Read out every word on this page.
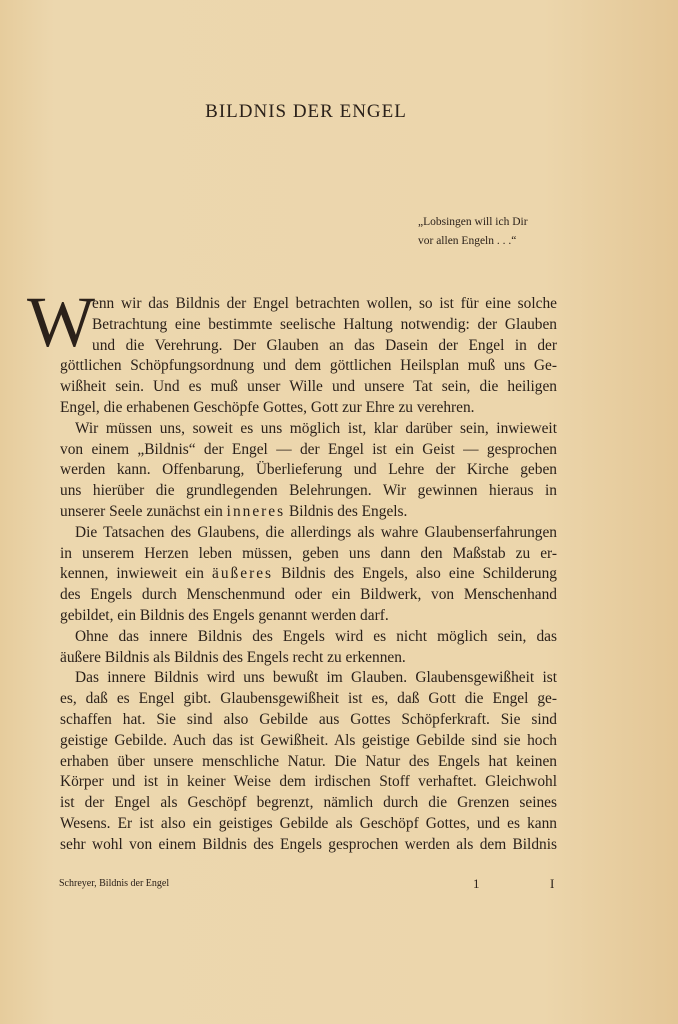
BILDNIS DER ENGEL
„Lobsingen will ich Dir
vor allen Engeln . . .“
W
enn wir das Bildnis der Engel betrachten wollen, so ist für eine solche
Betrachtung eine bestimmte seelische Haltung notwendig: der Glauben
und die Verehrung. Der Glauben an das Dasein der Engel in der
göttlichen Schöpfungsordnung und dem göttlichen Heilsplan muß uns Ge-
wißheit sein. Und es muß unser Wille und unsere Tat sein, die heiligen
Engel, die erhabenen Geschöpfe Gottes, Gott zur Ehre zu verehren.
Wir müssen uns, soweit es uns möglich ist, klar darüber sein, inwieweit
von einem „Bildnis“ der Engel — der Engel ist ein Geist — gesprochen
werden kann. Offenbarung, Überlieferung und Lehre der Kirche geben
uns hierüber die grundlegenden Belehrungen. Wir gewinnen hieraus in
unserer Seele zunächst ein inneres Bildnis des Engels.
Die Tatsachen des Glaubens, die allerdings als wahre Glaubenserfahrungen
in unserem Herzen leben müssen, geben uns dann den Maßstab zu er-
kennen, inwieweit ein äußeres Bildnis des Engels, also eine Schilderung
des Engels durch Menschenmund oder ein Bildwerk, von Menschenhand
gebildet, ein Bildnis des Engels genannt werden darf.
Ohne das innere Bildnis des Engels wird es nicht möglich sein, das
äußere Bildnis als Bildnis des Engels recht zu erkennen.
Das innere Bildnis wird uns bewußt im Glauben. Glaubensgewißheit ist
es, daß es Engel gibt. Glaubensgewißheit ist es, daß Gott die Engel ge-
schaffen hat. Sie sind also Gebilde aus Gottes Schöpferkraft. Sie sind
geistige Gebilde. Auch das ist Gewißheit. Als geistige Gebilde sind sie hoch
erhaben über unsere menschliche Natur. Die Natur des Engels hat keinen
Körper und ist in keiner Weise dem irdischen Stoff verhaftet. Gleichwohl
ist der Engel als Geschöpf begrenzt, nämlich durch die Grenzen seines
Wesens. Er ist also ein geistiges Gebilde als Geschöpf Gottes, und es kann
sehr wohl von einem Bildnis des Engels gesprochen werden als dem Bildnis
Schreyer, Bildnis der Engel	1	I
